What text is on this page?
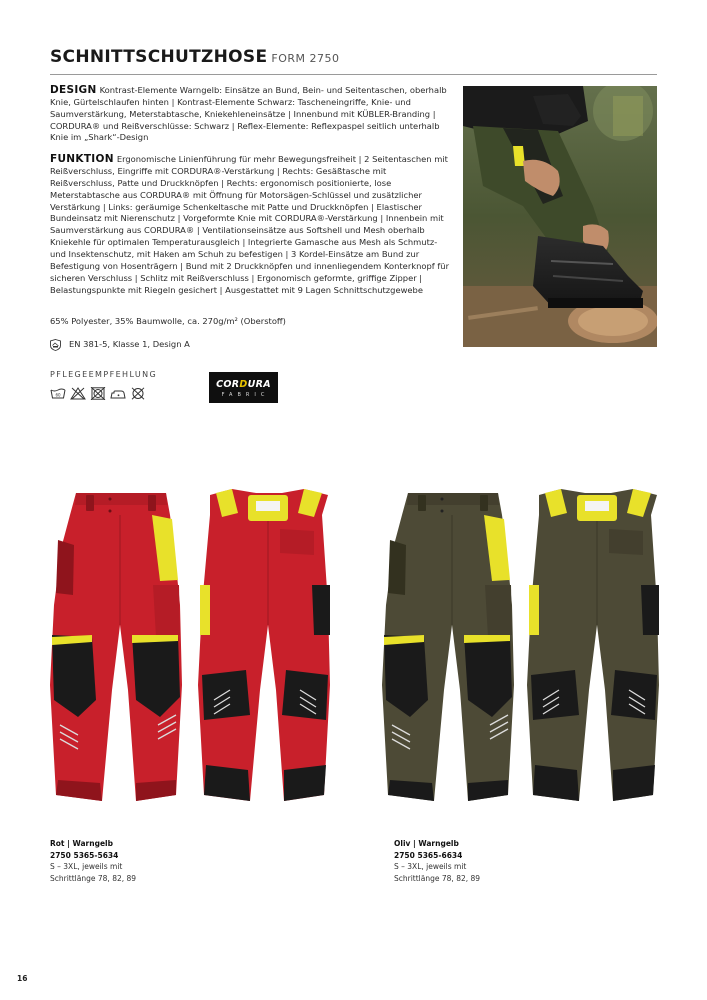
SCHNITTSCHUTZHOSE FORM 2750

DESIGN Kontrast-Elemente Warngelb: Einsätze an Bund, Bein- und Seitentaschen, oberhalb Knie, Gürtelschlaufen hinten | Kontrast-Elemente Schwarz: Tascheneingriffe, Knie- und Saumverstärkung, Meterstabtasche, Kniekehleneinsätze | Innenbund mit KÜBLER-Branding | CORDURA® und Reißverschlüsse: Schwarz | Reflex-Elemente: Reflexpaspel seitlich unterhalb Knie im „Shark“-Design

FUNKTION Ergonomische Linienführung für mehr Bewegungsfreiheit | 2 Seitentaschen mit Reißverschluss, Eingriffe mit CORDURA®-Verstärkung | Rechts: Gesäßtasche mit Reißverschluss, Patte und Druckknöpfen | Rechts: ergonomisch positionierte, lose Meterstabtasche aus CORDURA® mit Öffnung für Motorsägen-Schlüssel und zusätzlicher Verstärkung | Links: geräumige Schenkeltasche mit Patte und Druckknöpfen | Elastischer Bundeinsatz mit Nierenschutz | Vorgeformte Knie mit CORDURA®-Verstärkung | Innenbein mit Saumverstärkung aus CORDURA® | Ventilationseinsätze aus Softshell und Mesh oberhalb Kniekehle für optimalen Temperaturausgleich | Integrierte Gamasche aus Mesh als Schmutz- und Insektenschutz, mit Haken am Schuh zu befestigen | 3 Kordel-Einsätze am Bund zur Befestigung von Hosenträgern | Bund mit 2 Druckknöpfen und innenliegendem Konterknopf für sicheren Verschluss | Schlitz mit Reißverschluss | Ergonomisch geformte, griffige Zipper | Belastungspunkte mit Riegeln gesichert | Ausgestattet mit 9 Lagen Schnittschutzgewebe

65% Polyester, 35% Baumwolle, ca. 270g/m² (Oberstoff)

EN 381-5, Klasse 1, Design A
PFLEGEEMPFEHLUNG
60
CORDURA
FABRIC
Rot | Warngelb
2750 5365-5634
S – 3XL, jeweils mit
Schrittlänge 78, 82, 89
Oliv | Warngelb
2750 5365-6634
S – 3XL, jeweils mit
Schrittlänge 78, 82, 89
16
